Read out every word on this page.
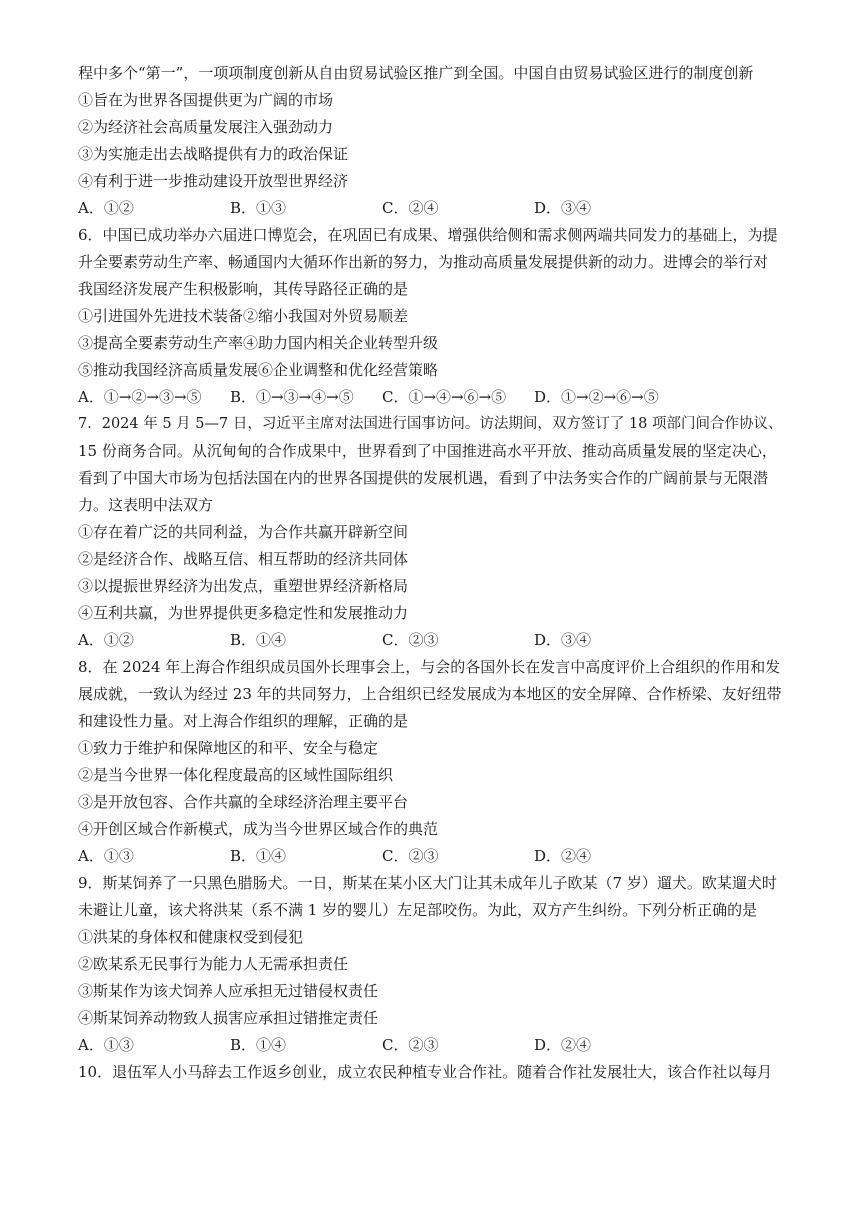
程中多个“第一”，一项项制度创新从自由贸易试验区推广到全国。中国自由贸易试验区进行的制度创新
①旨在为世界各国提供更为广阔的市场
②为经济社会高质量发展注入强劲动力
③为实施走出去战略提供有力的政治保证
④有利于进一步推动建设开放型世界经济
A．①②	B．①③	C．②④	D．③④
6．中国已成功举办六届进口博览会，在巩固已有成果、增强供给侧和需求侧两端共同发力的基础上，为提
升全要素劳动生产率、畅通国内大循环作出新的努力，为推动高质量发展提供新的动力。进博会的举行对
我国经济发展产生积极影响，其传导路径正确的是
①引进国外先进技术装备②缩小我国对外贸易顺差
③提高全要素劳动生产率④助力国内相关企业转型升级
⑤推动我国经济高质量发展⑥企业调整和优化经营策略
A．①→②→③→⑤ B．①→③→④→⑤ C．①→④→⑥→⑤ D．①→②→⑥→⑤
7．2024 年 5 月 5—7 日，习近平主席对法国进行国事访问。访法期间，双方签订了 18 项部门间合作协议、
15 份商务合同。从沉甸甸的合作成果中，世界看到了中国推进高水平开放、推动高质量发展的坚定决心，
看到了中国大市场为包括法国在内的世界各国提供的发展机遇，看到了中法务实合作的广阔前景与无限潜
力。这表明中法双方
①存在着广泛的共同利益，为合作共赢开辟新空间
②是经济合作、战略互信、相互帮助的经济共同体
③以提振世界经济为出发点，重塑世界经济新格局
④互利共赢，为世界提供更多稳定性和发展推动力
A．①②	B．①④	C．②③	D．③④
8．在 2024 年上海合作组织成员国外长理事会上，与会的各国外长在发言中高度评价上合组织的作用和发
展成就，一致认为经过 23 年的共同努力，上合组织已经发展成为本地区的安全屏障、合作桥梁、友好纽带
和建设性力量。对上海合作组织的理解，正确的是
①致力于维护和保障地区的和平、安全与稳定
②是当今世界一体化程度最高的区域性国际组织
③是开放包容、合作共赢的全球经济治理主要平台
④开创区域合作新模式，成为当今世界区域合作的典范
A．①③	B．①④	C．②③	D．②④
9．斯某饲养了一只黑色腊肠犬。一日，斯某在某小区大门让其未成年儿子欧某（7 岁）遛犬。欧某遛犬时
未避让儿童，该犬将洪某（系不满 1 岁的婴儿）左足部咬伤。为此，双方产生纠纷。下列分析正确的是
①洪某的身体权和健康权受到侵犯
②欧某系无民事行为能力人无需承担责任
③斯某作为该犬饲养人应承担无过错侵权责任
④斯某饲养动物致人损害应承担过错推定责任
A．①③	B．①④	C．②③	D．②④
10．退伍军人小马辞去工作返乡创业，成立农民种植专业合作社。随着合作社发展壮大，该合作社以每月
